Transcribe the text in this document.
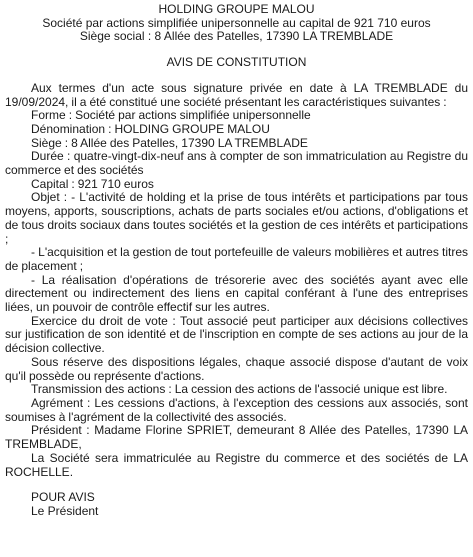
HOLDING GROUPE MALOU

Société par actions simplifiée unipersonnelle au capital de 921 710 euros

Siège social : 8 Allée des Patelles, 17390 LA TREMBLADE

AVIS DE CONSTITUTION

Aux termes d'un acte sous signature privée en date à LA TREMBLADE du 19/09/2024, il a été constitué une société présentant les caractéristiques suivantes :

Forme : Société par actions simplifiée unipersonnelle

Dénomination : HOLDING GROUPE MALOU

Siège : 8 Allée des Patelles, 17390 LA TREMBLADE

Durée : quatre-vingt-dix-neuf ans à compter de son immatriculation au Registre du commerce et des sociétés

Capital : 921 710 euros

Objet : - L'activité de holding et la prise de tous intérêts et participations par tous moyens, apports, souscriptions, achats de parts sociales et/ou actions, d'obligations et de tous droits sociaux dans toutes sociétés et la gestion de ces intérêts et participations ;

- L'acquisition et la gestion de tout portefeuille de valeurs mobilières et autres titres de placement ;

- La réalisation d'opérations de trésorerie avec des sociétés ayant avec elle directement ou indirectement des liens en capital conférant à l'une des entreprises liées, un pouvoir de contrôle effectif sur les autres.

Exercice du droit de vote : Tout associé peut participer aux décisions collectives sur justification de son identité et de l'inscription en compte de ses actions au jour de la décision collective.

Sous réserve des dispositions légales, chaque associé dispose d'autant de voix qu'il possède ou représente d'actions.

Transmission des actions : La cession des actions de l'associé unique est libre.

Agrément : Les cessions d'actions, à l'exception des cessions aux associés, sont soumises à l'agrément de la collectivité des associés.

Président : Madame Florine SPRIET, demeurant 8 Allée des Patelles, 17390 LA TREMBLADE,

La Société sera immatriculée au Registre du commerce et des sociétés de LA ROCHELLE.

POUR AVIS

Le Président
